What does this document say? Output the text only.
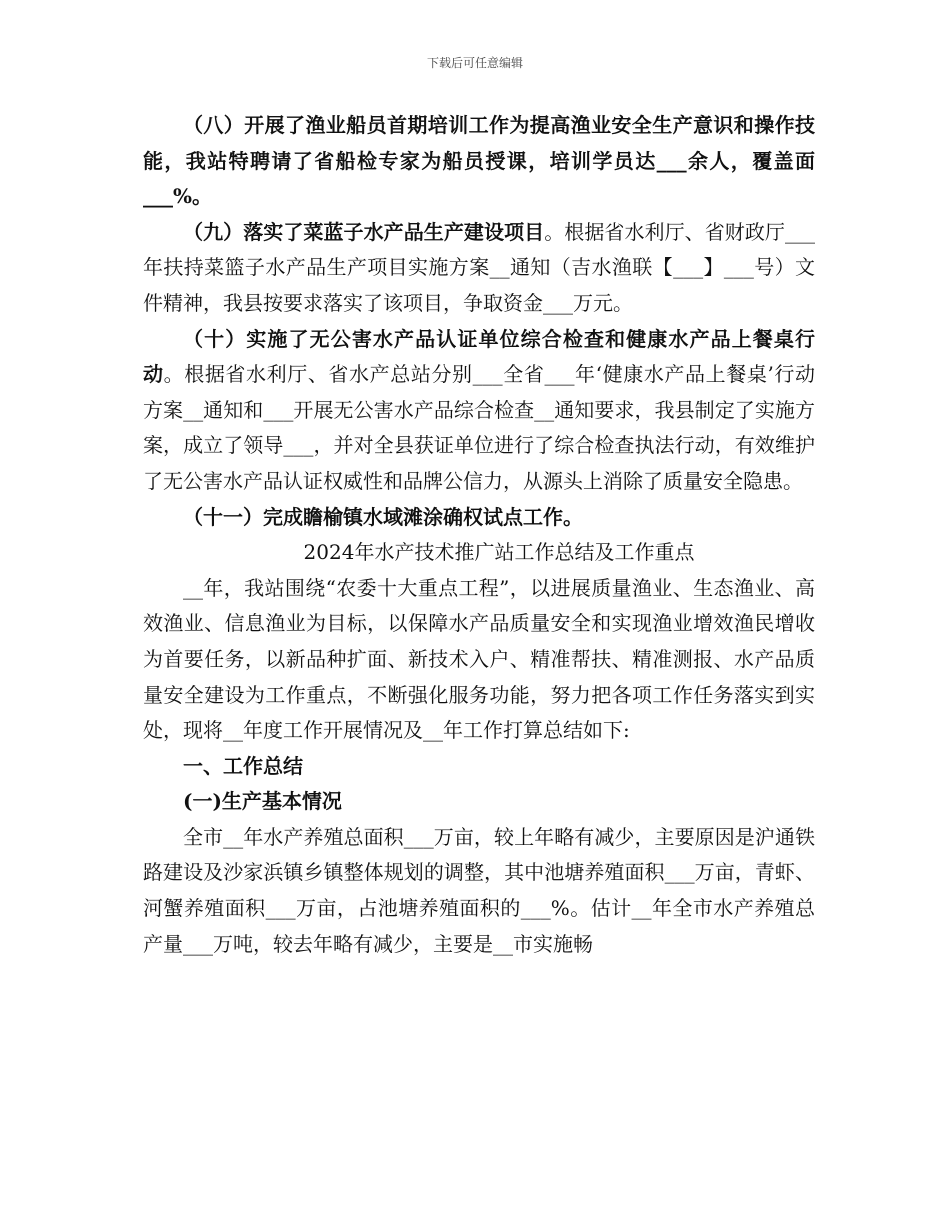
下载后可任意编辑

（八）开展了渔业船员首期培训工作为提高渔业安全生产意识和操作技能，我站特聘请了省船检专家为船员授课，培训学员达___余人，覆盖面___%。

（九）落实了菜蓝子水产品生产建设项目。根据省水利厅、省财政厅___年扶持菜篮子水产品生产项目实施方案__通知（吉水渔联【___】___号）文件精神，我县按要求落实了该项目，争取资金___万元。

（十）实施了无公害水产品认证单位综合检查和健康水产品上餐桌行动。根据省水利厅、省水产总站分别___全省___年‘健康水产品上餐桌’行动方案__通知和___开展无公害水产品综合检查__通知要求，我县制定了实施方案，成立了领导___，并对全县获证单位进行了综合检查执法行动，有效维护了无公害水产品认证权威性和品牌公信力，从源头上消除了质量安全隐患。

（十一）完成瞻榆镇水域滩涂确权试点工作。

2024年水产技术推广站工作总结及工作重点

__年，我站围绕“农委十大重点工程”，以进展质量渔业、生态渔业、高效渔业、信息渔业为目标，以保障水产品质量安全和实现渔业增效渔民增收为首要任务，以新品种扩面、新技术入户、精准帮扶、精准测报、水产品质量安全建设为工作重点，不断强化服务功能，努力把各项工作任务落实到实处，现将__年度工作开展情况及__年工作打算总结如下:

一、工作总结

(一)生产基本情况

全市__年水产养殖总面积___万亩，较上年略有减少，主要原因是沪通铁路建设及沙家浜镇乡镇整体规划的调整，其中池塘养殖面积___万亩，青虾、河蟹养殖面积___万亩，占池塘养殖面积的___%。估计__年全市水产养殖总产量___万吨，较去年略有减少，主要是__市实施畅
